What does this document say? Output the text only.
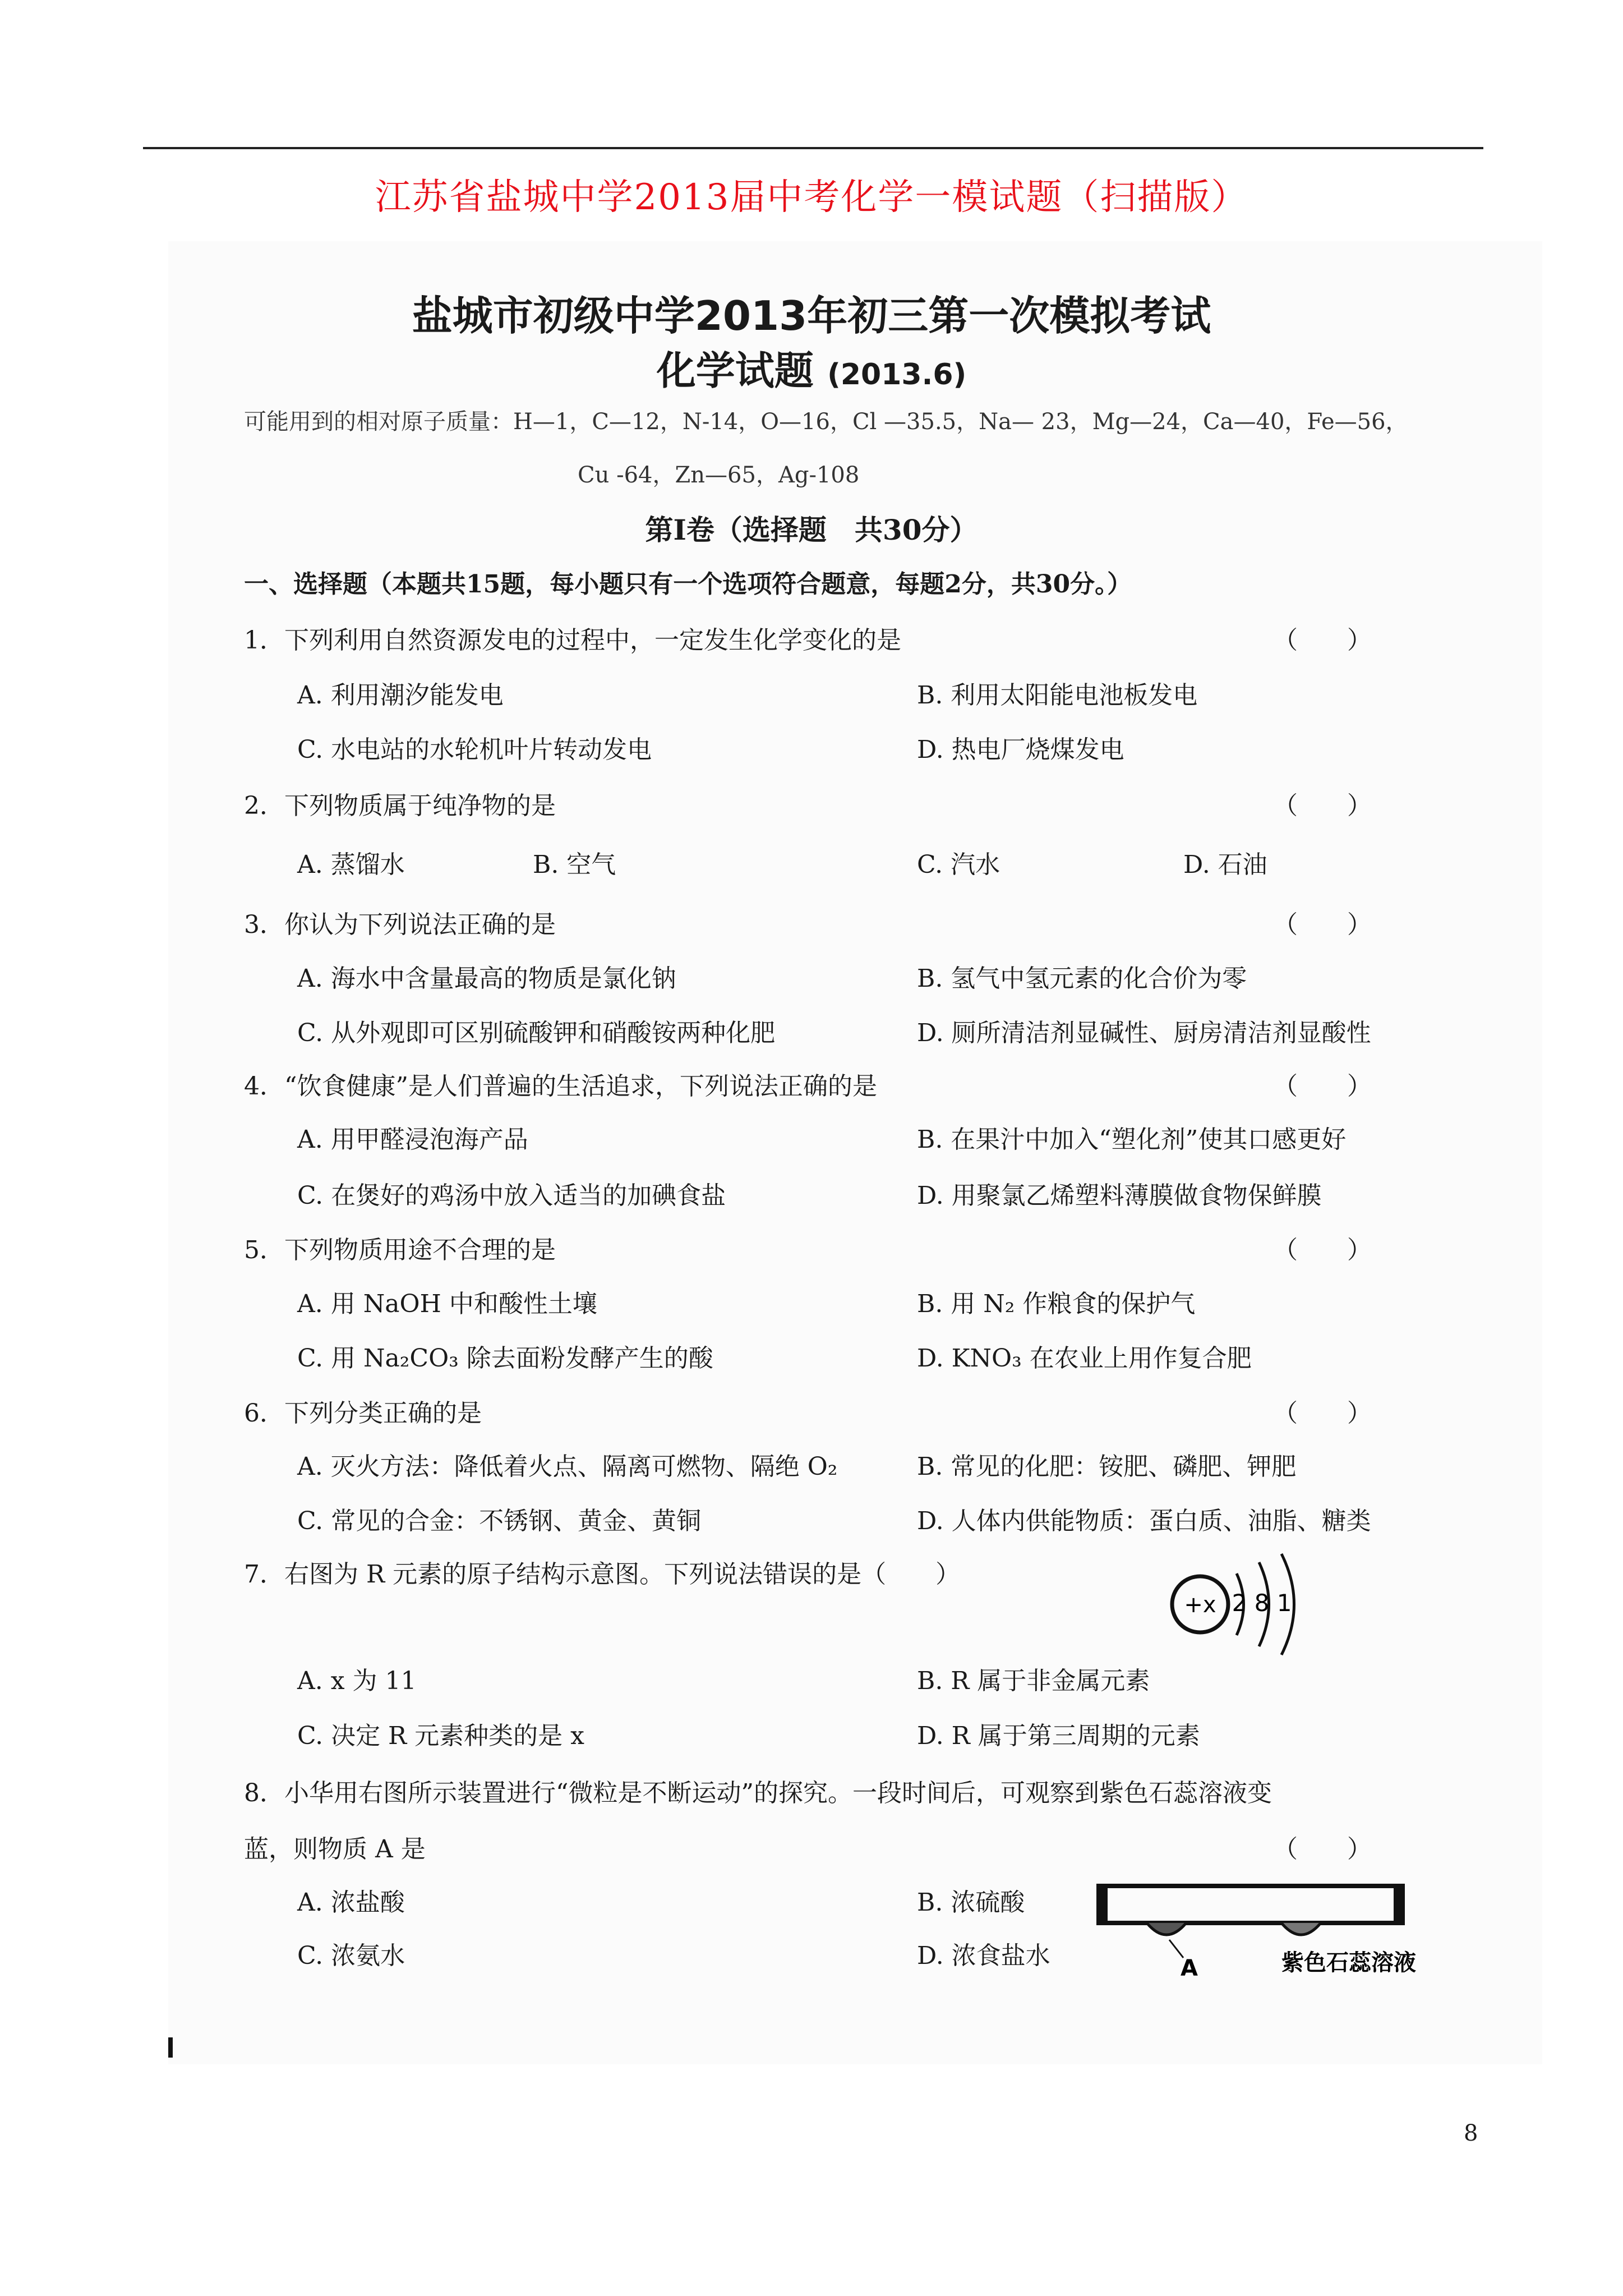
江苏省盐城中学2013届中考化学一模试题（扫描版）
盐城市初级中学2013年初三第一次模拟考试
化学试题 (2013.6)
可能用到的相对原子质量：H—1，C—12，N-14，O—16，Cl —35.5，Na— 23，Mg—24，Ca—40，Fe—56，
Cu -64，Zn—65，Ag-108
第Ⅰ卷（选择题　共30分）
一、选择题（本题共15题，每小题只有一个选项符合题意，每题2分，共30分。）
1．下列利用自然资源发电的过程中，一定发生化学变化的是	（　　）
A. 利用潮汐能发电	B. 利用太阳能电池板发电
C. 水电站的水轮机叶片转动发电	D. 热电厂烧煤发电
2．下列物质属于纯净物的是	（　　）
A. 蒸馏水	B. 空气	C. 汽水	D. 石油
3．你认为下列说法正确的是	（　　）
A. 海水中含量最高的物质是氯化钠	B. 氢气中氢元素的化合价为零
C. 从外观即可区别硫酸钾和硝酸铵两种化肥	D. 厕所清洁剂显碱性、厨房清洁剂显酸性
4．“饮食健康”是人们普遍的生活追求，下列说法正确的是	（　　）
A. 用甲醛浸泡海产品	B. 在果汁中加入“塑化剂”使其口感更好
C. 在煲好的鸡汤中放入适当的加碘食盐	D. 用聚氯乙烯塑料薄膜做食物保鲜膜
5．下列物质用途不合理的是	（　　）
A. 用 NaOH 中和酸性土壤	B. 用 N₂ 作粮食的保护气
C. 用 Na₂CO₃ 除去面粉发酵产生的酸	D. KNO₃ 在农业上用作复合肥
6．下列分类正确的是	（　　）
A. 灭火方法：降低着火点、隔离可燃物、隔绝 O₂	B. 常见的化肥：铵肥、磷肥、钾肥
C. 常见的合金：不锈钢、黄金、黄铜	D. 人体内供能物质：蛋白质、油脂、糖类
7．右图为 R 元素的原子结构示意图。下列说法错误的是（　　）
+x 2 8 1
A. x 为 11	B. R 属于非金属元素
C. 决定 R 元素种类的是 x	D. R 属于第三周期的元素
8．小华用右图所示装置进行“微粒是不断运动”的探究。一段时间后，可观察到紫色石蕊溶液变
蓝，则物质 A 是	（　　）
A. 浓盐酸	B. 浓硫酸
C. 浓氨水	D. 浓食盐水	A	紫色石蕊溶液
8
